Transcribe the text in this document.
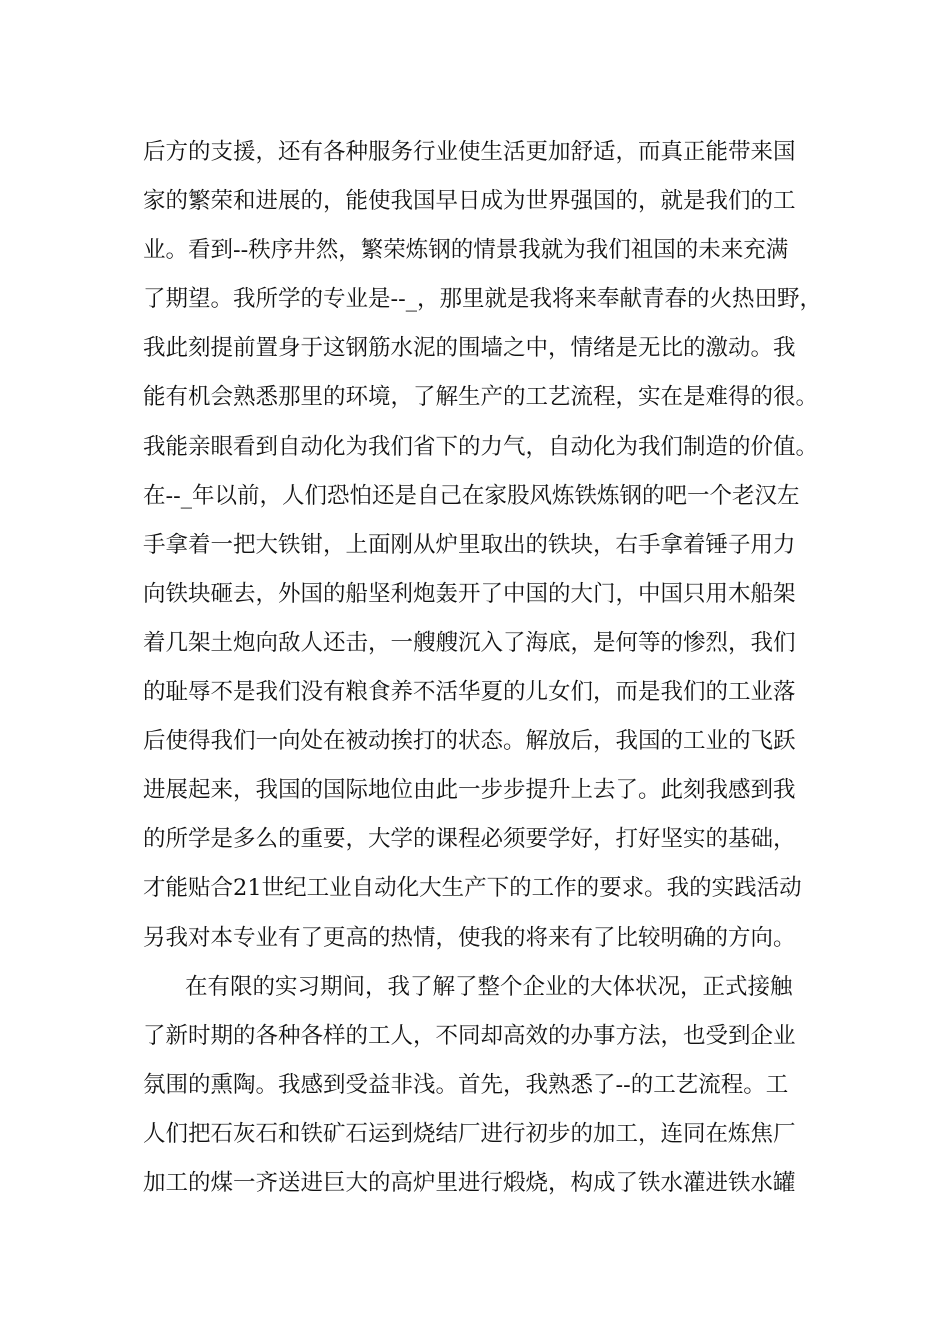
后方的支援，还有各种服务行业使生活更加舒适，而真正能带来国
家的繁荣和进展的，能使我国早日成为世界强国的，就是我们的工
业。看到--秩序井然，繁荣炼钢的情景我就为我们祖国的未来充满
了期望。我所学的专业是--_，那里就是我将来奉献青春的火热田野，
我此刻提前置身于这钢筋水泥的围墙之中，情绪是无比的激动。我
能有机会熟悉那里的环境，了解生产的工艺流程，实在是难得的很。
我能亲眼看到自动化为我们省下的力气，自动化为我们制造的价值。
在--_年以前，人们恐怕还是自己在家股风炼铁炼钢的吧一个老汉左
手拿着一把大铁钳，上面刚从炉里取出的铁块，右手拿着锤子用力
向铁块砸去，外国的船坚利炮轰开了中国的大门，中国只用木船架
着几架土炮向敌人还击，一艘艘沉入了海底，是何等的惨烈，我们
的耻辱不是我们没有粮食养不活华夏的儿女们，而是我们的工业落
后使得我们一向处在被动挨打的状态。解放后，我国的工业的飞跃
进展起来，我国的国际地位由此一步步提升上去了。此刻我感到我
的所学是多么的重要，大学的课程必须要学好，打好坚实的基础，
才能贴合21世纪工业自动化大生产下的工作的要求。我的实践活动
另我对本专业有了更高的热情，使我的将来有了比较明确的方向。
在有限的实习期间，我了解了整个企业的大体状况，正式接触
了新时期的各种各样的工人，不同却高效的办事方法，也受到企业
氛围的熏陶。我感到受益非浅。首先，我熟悉了--的工艺流程。工
人们把石灰石和铁矿石运到烧结厂进行初步的加工，连同在炼焦厂
加工的煤一齐送进巨大的高炉里进行煅烧，构成了铁水灌进铁水罐
